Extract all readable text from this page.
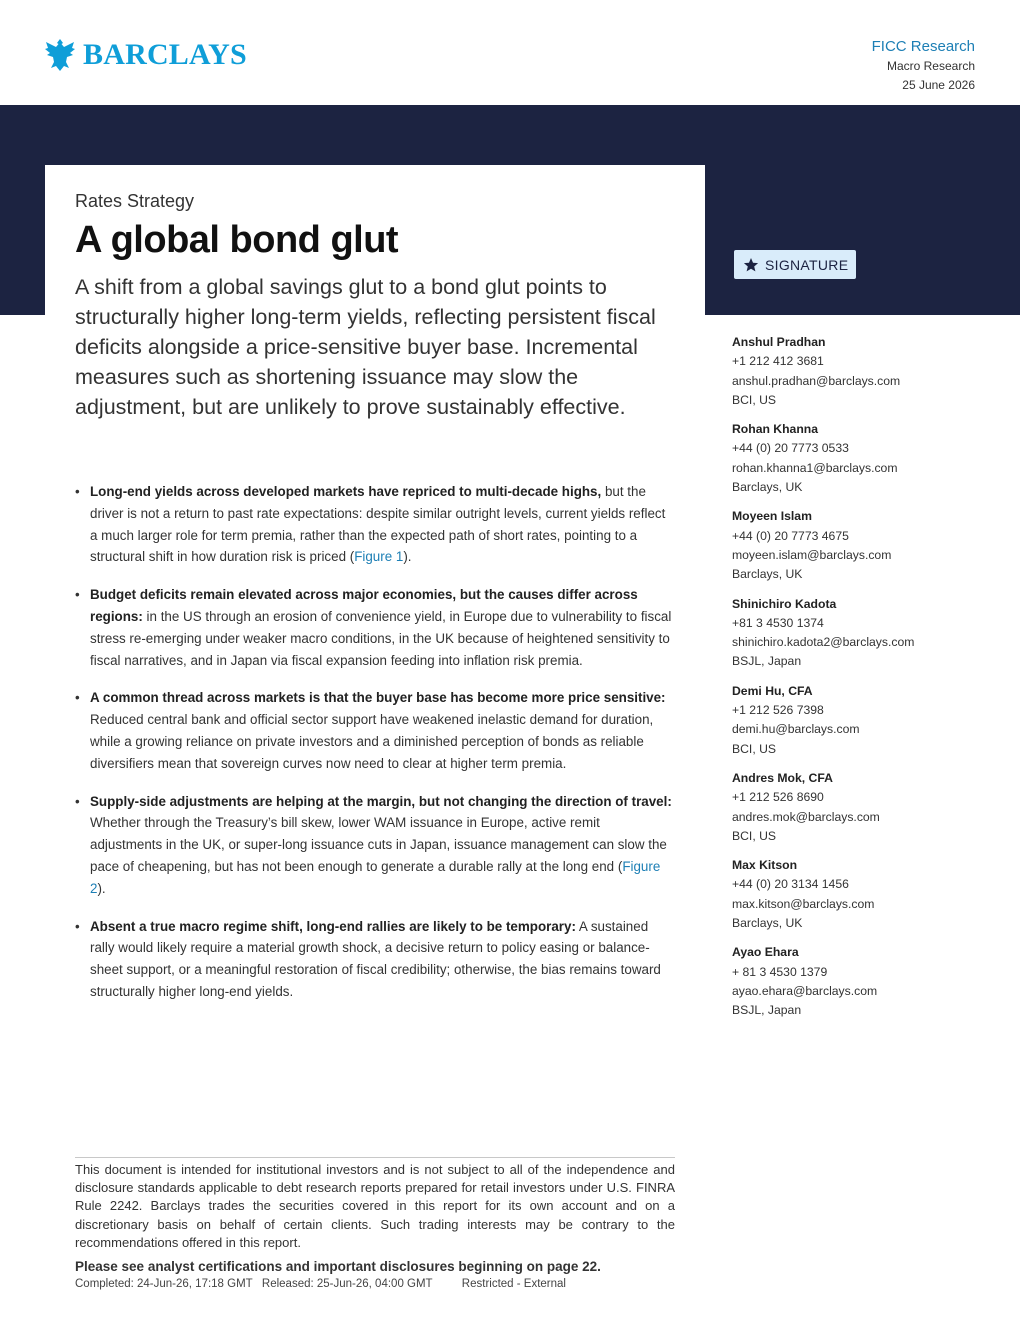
BARCLAYS	FICC Research
Macro Research
25 June 2026
Rates Strategy
A global bond glut

A shift from a global savings glut to a bond glut points to structurally higher long-term yields, reflecting persistent fiscal deficits alongside a price-sensitive buyer base. Incremental measures such as shortening issuance may slow the adjustment, but are unlikely to prove sustainably effective.

SIGNATURE
• Long-end yields across developed markets have repriced to multi-decade highs, but the driver is not a return to past rate expectations: despite similar outright levels, current yields reflect a much larger role for term premia, rather than the expected path of short rates, pointing to a structural shift in how duration risk is priced (Figure 1).
• Budget deficits remain elevated across major economies, but the causes differ across regions: in the US through an erosion of convenience yield, in Europe due to vulnerability to fiscal stress re-emerging under weaker macro conditions, in the UK because of heightened sensitivity to fiscal narratives, and in Japan via fiscal expansion feeding into inflation risk premia.
• A common thread across markets is that the buyer base has become more price sensitive: Reduced central bank and official sector support have weakened inelastic demand for duration, while a growing reliance on private investors and a diminished perception of bonds as reliable diversifiers mean that sovereign curves now need to clear at higher term premia.
• Supply-side adjustments are helping at the margin, but not changing the direction of travel: Whether through the Treasury’s bill skew, lower WAM issuance in Europe, active remit adjustments in the UK, or super-long issuance cuts in Japan, issuance management can slow the pace of cheapening, but has not been enough to generate a durable rally at the long end (Figure 2).
• Absent a true macro regime shift, long-end rallies are likely to be temporary: A sustained rally would likely require a material growth shock, a decisive return to policy easing or balance-sheet support, or a meaningful restoration of fiscal credibility; otherwise, the bias remains toward structurally higher long-end yields.
Anshul Pradhan
+1 212 412 3681
anshul.pradhan@barclays.com
BCI, US
Rohan Khanna
+44 (0) 20 7773 0533
rohan.khanna1@barclays.com
Barclays, UK
Moyeen Islam
+44 (0) 20 7773 4675
moyeen.islam@barclays.com
Barclays, UK
Shinichiro Kadota
+81 3 4530 1374
shinichiro.kadota2@barclays.com
BSJL, Japan
Demi Hu, CFA
+1 212 526 7398
demi.hu@barclays.com
BCI, US
Andres Mok, CFA
+1 212 526 8690
andres.mok@barclays.com
BCI, US
Max Kitson
+44 (0) 20 3134 1456
max.kitson@barclays.com
Barclays, UK
Ayao Ehara
+ 81 3 4530 1379
ayao.ehara@barclays.com
BSJL, Japan

This document is intended for institutional investors and is not subject to all of the independence and disclosure standards applicable to debt research reports prepared for retail investors under U.S. FINRA Rule 2242. Barclays trades the securities covered in this report for its own account and on a discretionary basis on behalf of certain clients. Such trading interests may be contrary to the recommendations offered in this report.

Please see analyst certifications and important disclosures beginning on page 22.
Completed: 24-Jun-26, 17:18 GMT Released: 25-Jun-26, 04:00 GMT	Restricted - External
